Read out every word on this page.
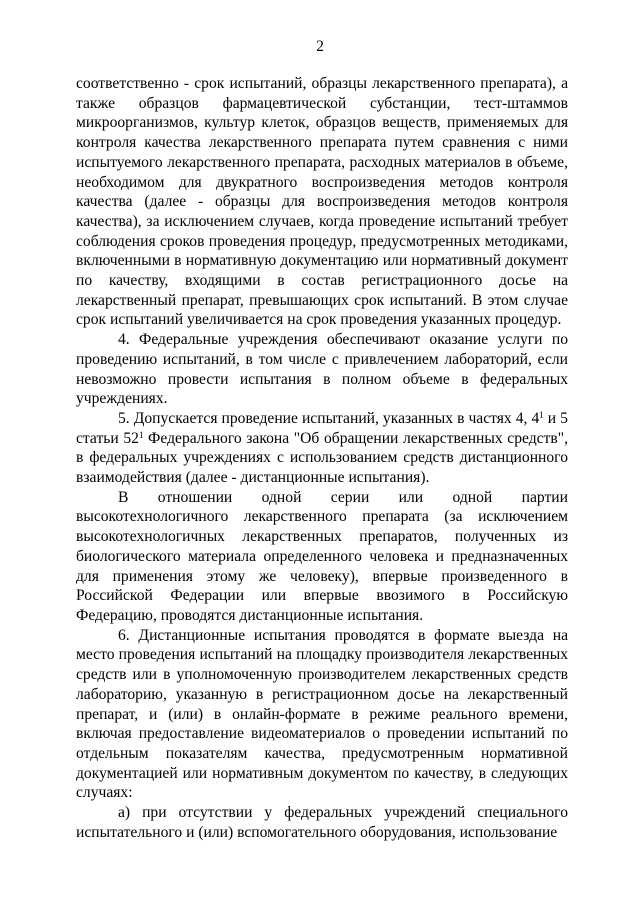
2

соответственно - срок испытаний, образцы лекарственного препарата), а также образцов фармацевтической субстанции, тест-штаммов микроорганизмов, культур клеток, образцов веществ, применяемых для контроля качества лекарственного препарата путем сравнения с ними испытуемого лекарственного препарата, расходных материалов в объеме, необходимом для двукратного воспроизведения методов контроля качества (далее - образцы для воспроизведения методов контроля качества), за исключением случаев, когда проведение испытаний требует соблюдения сроков проведения процедур, предусмотренных методиками, включенными в нормативную документацию или нормативный документ по качеству, входящими в состав регистрационного досье на лекарственный препарат, превышающих срок испытаний. В этом случае срок испытаний увеличивается на срок проведения указанных процедур.

4. Федеральные учреждения обеспечивают оказание услуги по проведению испытаний, в том числе с привлечением лабораторий, если невозможно провести испытания в полном объеме в федеральных учреждениях.

5. Допускается проведение испытаний, указанных в частях 4, $4^1$ и 5 статьи $52^1$ Федерального закона "Об обращении лекарственных средств", в федеральных учреждениях с использованием средств дистанционного взаимодействия (далее - дистанционные испытания).

В отношении одной серии или одной партии высокотехнологичного лекарственного препарата (за исключением высокотехнологичных лекарственных препаратов, полученных из биологического материала определенного человека и предназначенных для применения этому же человеку), впервые произведенного в Российской Федерации или впервые ввозимого в Российскую Федерацию, проводятся дистанционные испытания.

6. Дистанционные испытания проводятся в формате выезда на место проведения испытаний на площадку производителя лекарственных средств или в уполномоченную производителем лекарственных средств лабораторию, указанную в регистрационном досье на лекарственный препарат, и (или) в онлайн-формате в режиме реального времени, включая предоставление видеоматериалов о проведении испытаний по отдельным показателям качества, предусмотренным нормативной документацией или нормативным документом по качеству, в следующих случаях:

а) при отсутствии у федеральных учреждений специального испытательного и (или) вспомогательного оборудования, использование
